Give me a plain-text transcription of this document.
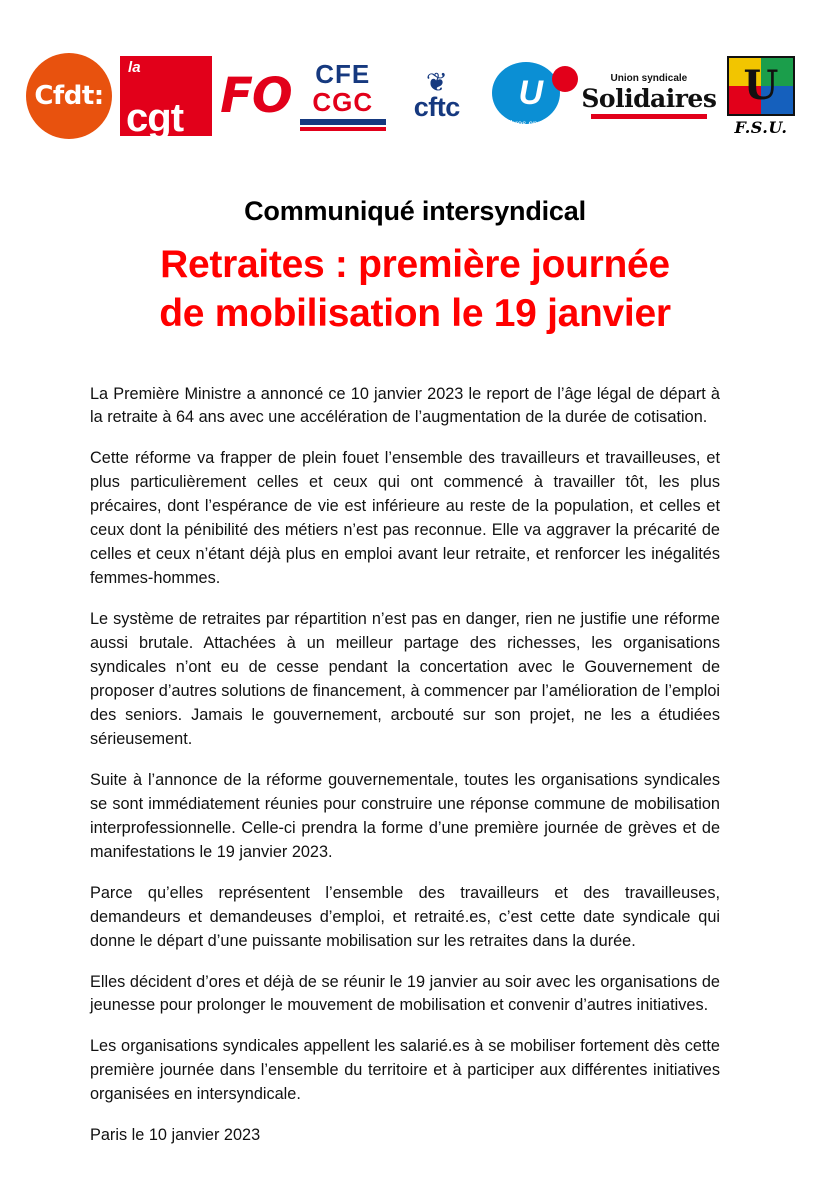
Cfdt:
la
cgt FO CFE
CGC
❦
cftc U
Libres ensemble
Union syndicale
Solidaires U
F.S.U.
Communiqué intersyndical
Retraites : première journée
de mobilisation le 19 janvier

La Première Ministre a annoncé ce 10 janvier 2023 le report de l’âge légal de départ à la retraite à 64 ans avec une accélération de l’augmentation de la durée de cotisation.

Cette réforme va frapper de plein fouet l’ensemble des travailleurs et travailleuses, et plus particulièrement celles et ceux qui ont commencé à travailler tôt, les plus précaires, dont l’espérance de vie est inférieure au reste de la population, et celles et ceux dont la pénibilité des métiers n’est pas reconnue. Elle va aggraver la précarité de celles et ceux n’étant déjà plus en emploi avant leur retraite, et renforcer les inégalités femmes-hommes.

Le système de retraites par répartition n’est pas en danger, rien ne justifie une réforme aussi brutale. Attachées à un meilleur partage des richesses, les organisations syndicales n’ont eu de cesse pendant la concertation avec le Gouvernement de proposer d’autres solutions de financement, à commencer par l’amélioration de l’emploi des seniors. Jamais le gouvernement, arcbouté sur son projet, ne les a étudiées sérieusement.

Suite à l’annonce de la réforme gouvernementale, toutes les organisations syndicales se sont immédiatement réunies pour construire une réponse commune de mobilisation interprofessionnelle. Celle-ci prendra la forme d’une première journée de grèves et de manifestations le 19 janvier 2023.

Parce qu’elles représentent l’ensemble des travailleurs et des travailleuses, demandeurs et demandeuses d’emploi, et retraité.es, c’est cette date syndicale qui donne le départ d’une puissante mobilisation sur les retraites dans la durée.

Elles décident d’ores et déjà de se réunir le 19 janvier au soir avec les organisations de jeunesse pour prolonger le mouvement de mobilisation et convenir d’autres initiatives.

Les organisations syndicales appellent les salarié.es à se mobiliser fortement dès cette première journée dans l’ensemble du territoire et à participer aux différentes initiatives organisées en intersyndicale.

Paris le 10 janvier 2023
